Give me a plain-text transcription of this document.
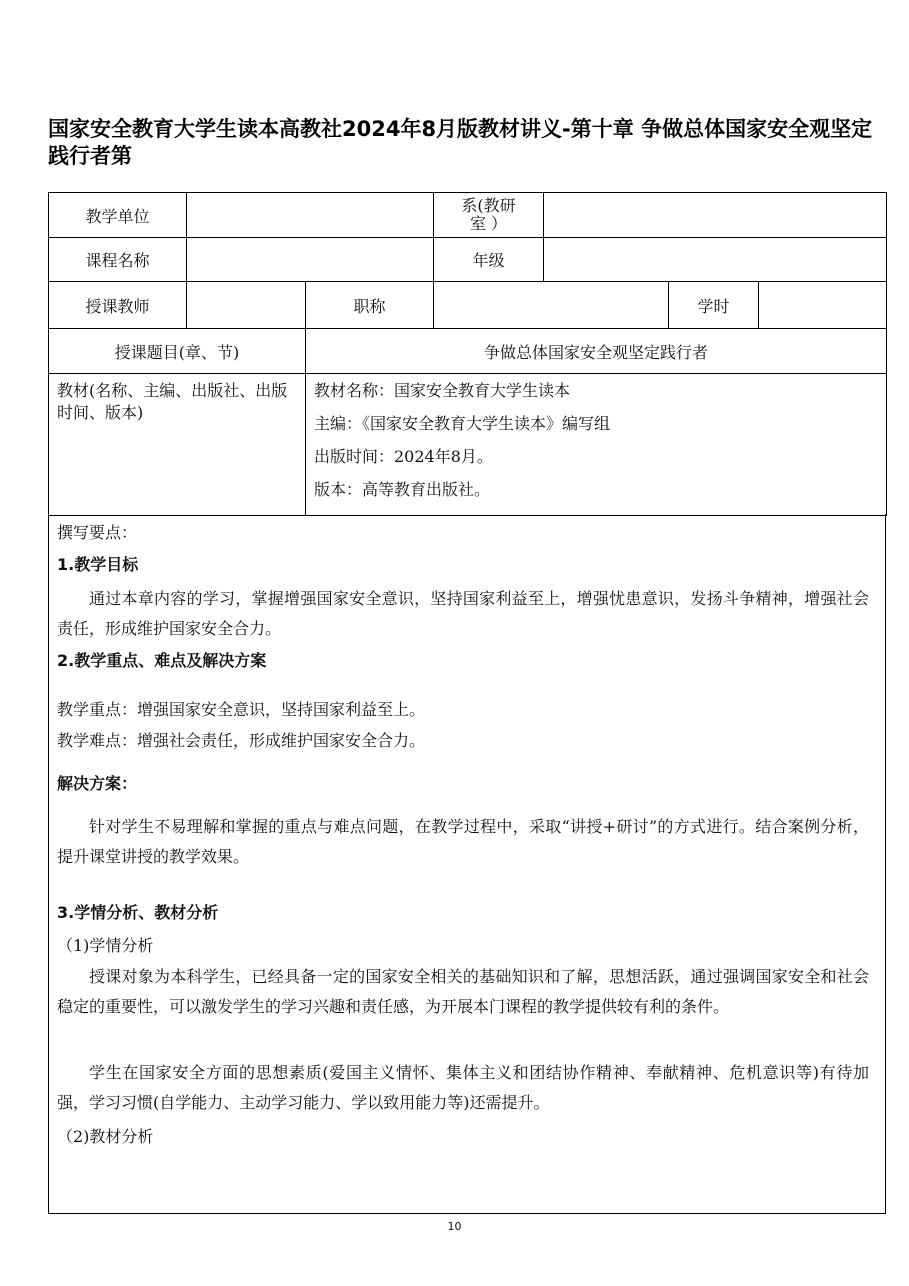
国家安全教育大学生读本高教社2024年8月版教材讲义-第十章 争做总体国家安全观坚定践行者第
教学单位			系(教研
室 ）			

课程名称			年级			
授课教师		职称			学时	
授课题目(章、节)		争做总体国家安全观坚定践行者				
教材(名称、主编、出版社、出版时间、版本)		教材名称：国家安全教育大学生读本

主编：《国家安全教育大学生读本》编写组

出版时间：2024年8月。

版本：高等教育出版社。				

撰写要点：

1.教学目标

通过本章内容的学习，掌握增强国家安全意识，坚持国家利益至上，增强忧患意识，发扬斗争精神，增强社会责任，形成维护国家安全合力。

2.教学重点、难点及解决方案

教学重点：增强国家安全意识，坚持国家利益至上。

教学难点：增强社会责任，形成维护国家安全合力。

解决方案：

针对学生不易理解和掌握的重点与难点问题，在教学过程中，采取“讲授+研讨”的方式进行。结合案例分析，提升课堂讲授的教学效果。

3.学情分析、教材分析

（1)学情分析

授课对象为本科学生，已经具备一定的国家安全相关的基础知识和了解，思想活跃，通过强调国家安全和社会稳定的重要性，可以激发学生的学习兴趣和责任感，为开展本门课程的教学提供较有利的条件。

学生在国家安全方面的思想素质(爱国主义情怀、集体主义和团结协作精神、奉献精神、危机意识等)有待加强，学习习惯(自学能力、主动学习能力、学以致用能力等)还需提升。

（2)教材分析

10
